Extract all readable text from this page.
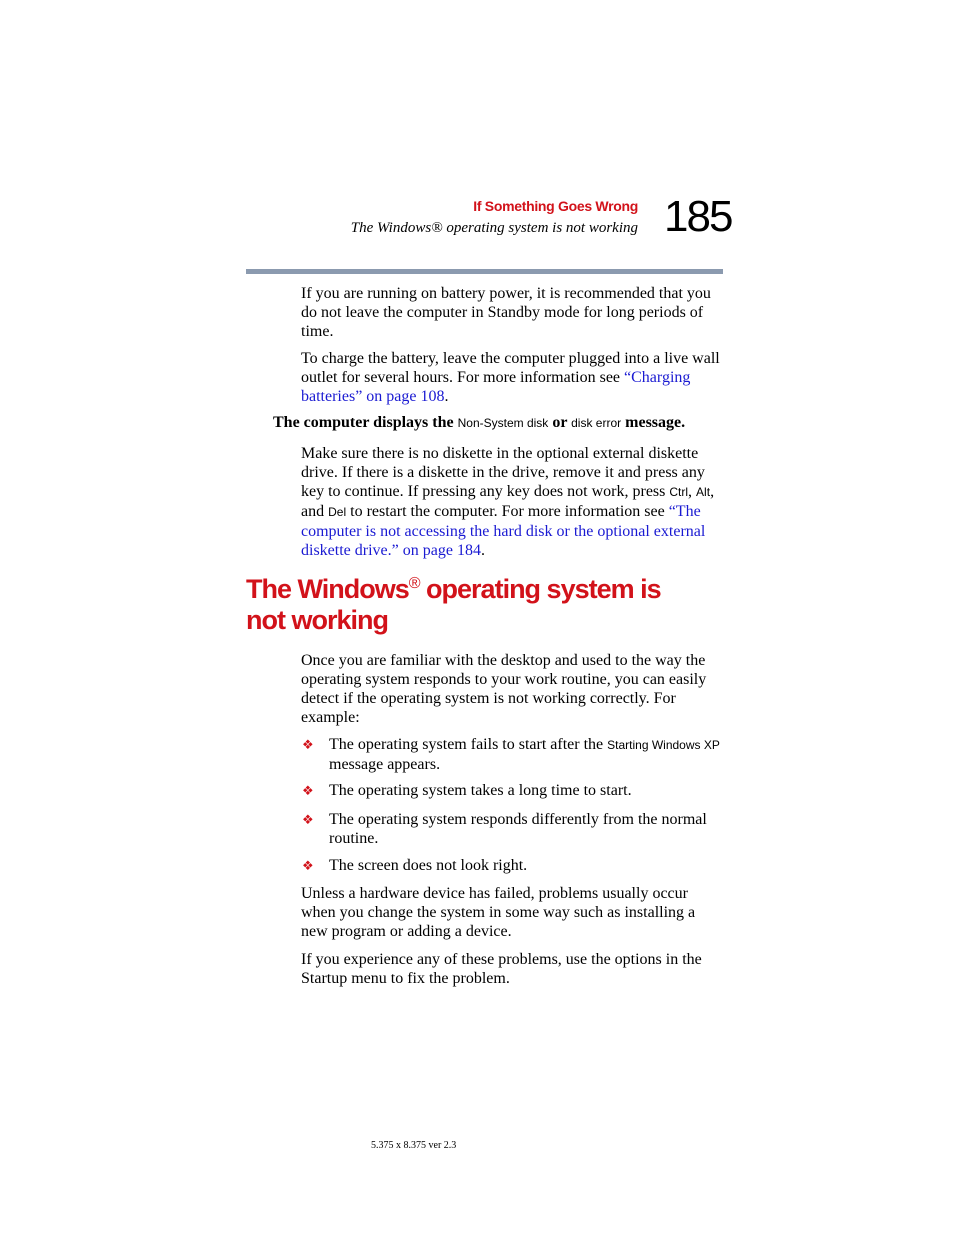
If Something Goes Wrong
The Windows® operating system is not working 185

If you are running on battery power, it is recommended that you do not leave the computer in Standby mode for long periods of time.

To charge the battery, leave the computer plugged into a live wall outlet for several hours. For more information see “Charging batteries” on page 108.

The computer displays the Non-System disk or disk error message.

Make sure there is no diskette in the optional external diskette drive. If there is a diskette in the drive, remove it and press any key to continue. If pressing any key does not work, press Ctrl, Alt, and Del to restart the computer. For more information see “The computer is not accessing the hard disk or the optional external diskette drive.” on page 184.

The Windows® operating system is not working

Once you are familiar with the desktop and used to the way the operating system responds to your work routine, you can easily detect if the operating system is not working correctly. For example:

❖ The operating system fails to start after the Starting Windows XP message appears.

❖ The operating system takes a long time to start.

❖ The operating system responds differently from the normal routine.

❖ The screen does not look right.

Unless a hardware device has failed, problems usually occur when you change the system in some way such as installing a new program or adding a device.

If you experience any of these problems, use the options in the Startup menu to fix the problem.

5.375 x 8.375 ver 2.3
